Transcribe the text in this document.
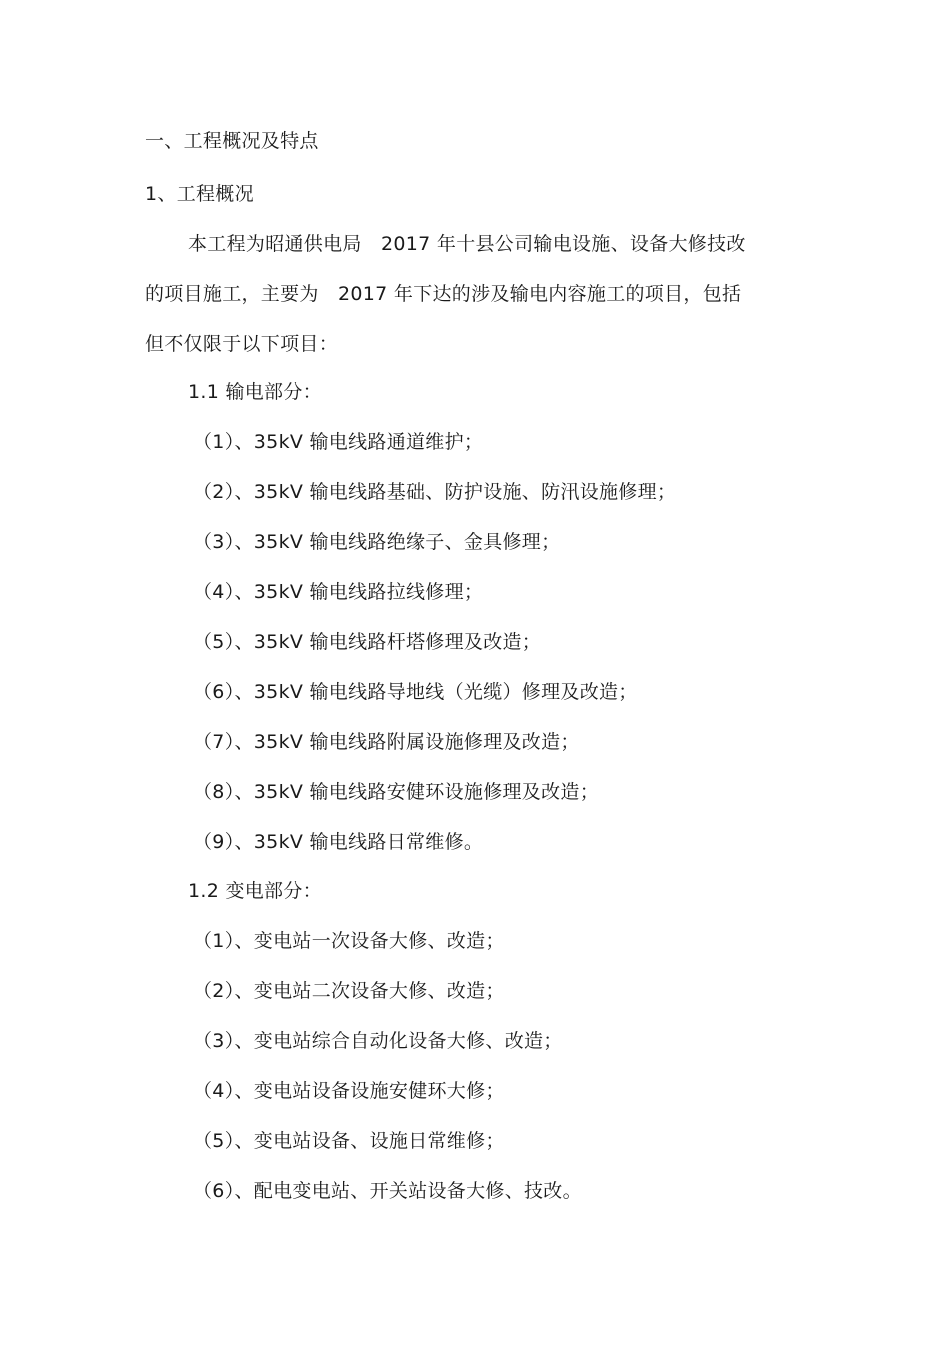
一、工程概况及特点
1、工程概况
本工程为昭通供电局　2017 年十县公司输电设施、设备大修技改
的项目施工，主要为　2017 年下达的涉及输电内容施工的项目，包括
但不仅限于以下项目：
1.1 输电部分：
（1）、35kV 输电线路通道维护；
（2）、35kV 输电线路基础、防护设施、防汛设施修理；
（3）、35kV 输电线路绝缘子、金具修理；
（4）、35kV 输电线路拉线修理；
（5）、35kV 输电线路杆塔修理及改造；
（6）、35kV 输电线路导地线（光缆）修理及改造；
（7）、35kV 输电线路附属设施修理及改造；
（8）、35kV 输电线路安健环设施修理及改造；
（9）、35kV 输电线路日常维修。
1.2 变电部分：
（1）、变电站一次设备大修、改造；
（2）、变电站二次设备大修、改造；
（3）、变电站综合自动化设备大修、改造；
（4）、变电站设备设施安健环大修；
（5）、变电站设备、设施日常维修；
（6）、配电变电站、开关站设备大修、技改。
